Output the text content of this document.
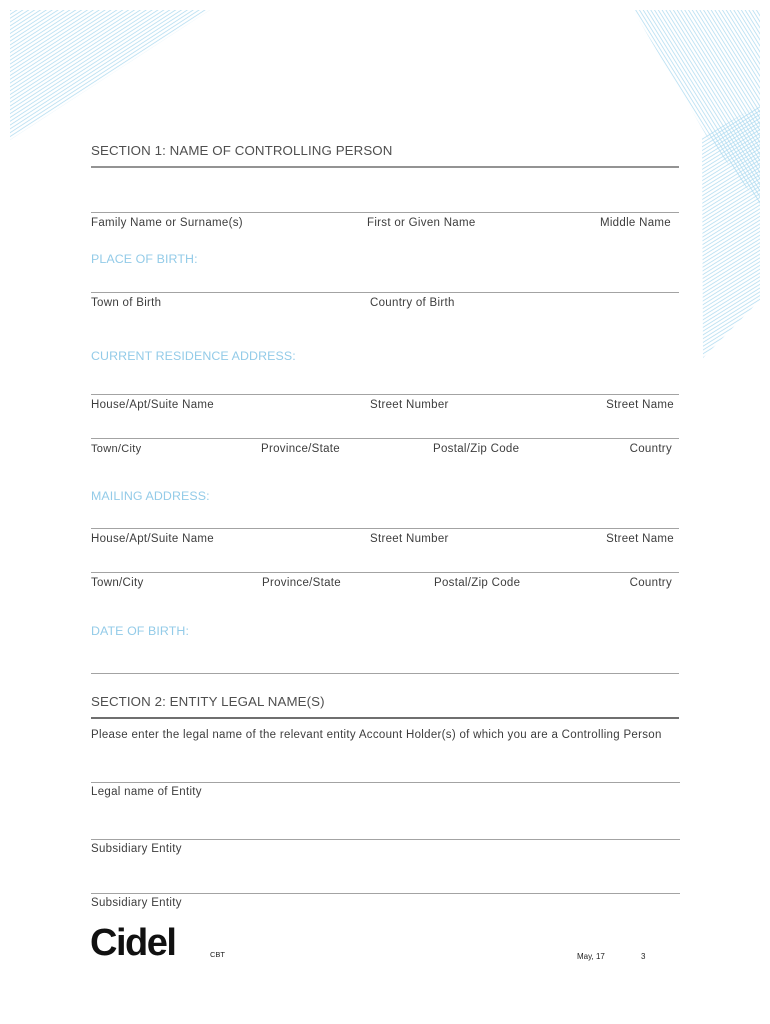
SECTION 1: NAME OF CONTROLLING PERSON
Family Name or Surname(s)	First or Given Name	Middle Name
PLACE OF BIRTH:
Town of Birth	Country of Birth
CURRENT RESIDENCE ADDRESS:
House/Apt/Suite Name	Street Number	Street Name
Town/City	Province/State	Postal/Zip Code	Country
MAILING ADDRESS:
House/Apt/Suite Name	Street Number	Street Name
Town/City	Province/State	Postal/Zip Code	Country
DATE OF BIRTH:
SECTION 2: ENTITY LEGAL NAME(S)
Please enter the legal name of the relevant entity Account Holder(s) of which you are a Controlling Person
Legal name of Entity
Subsidiary Entity
Subsidiary Entity
Cidel	CBT	May, 17	3
